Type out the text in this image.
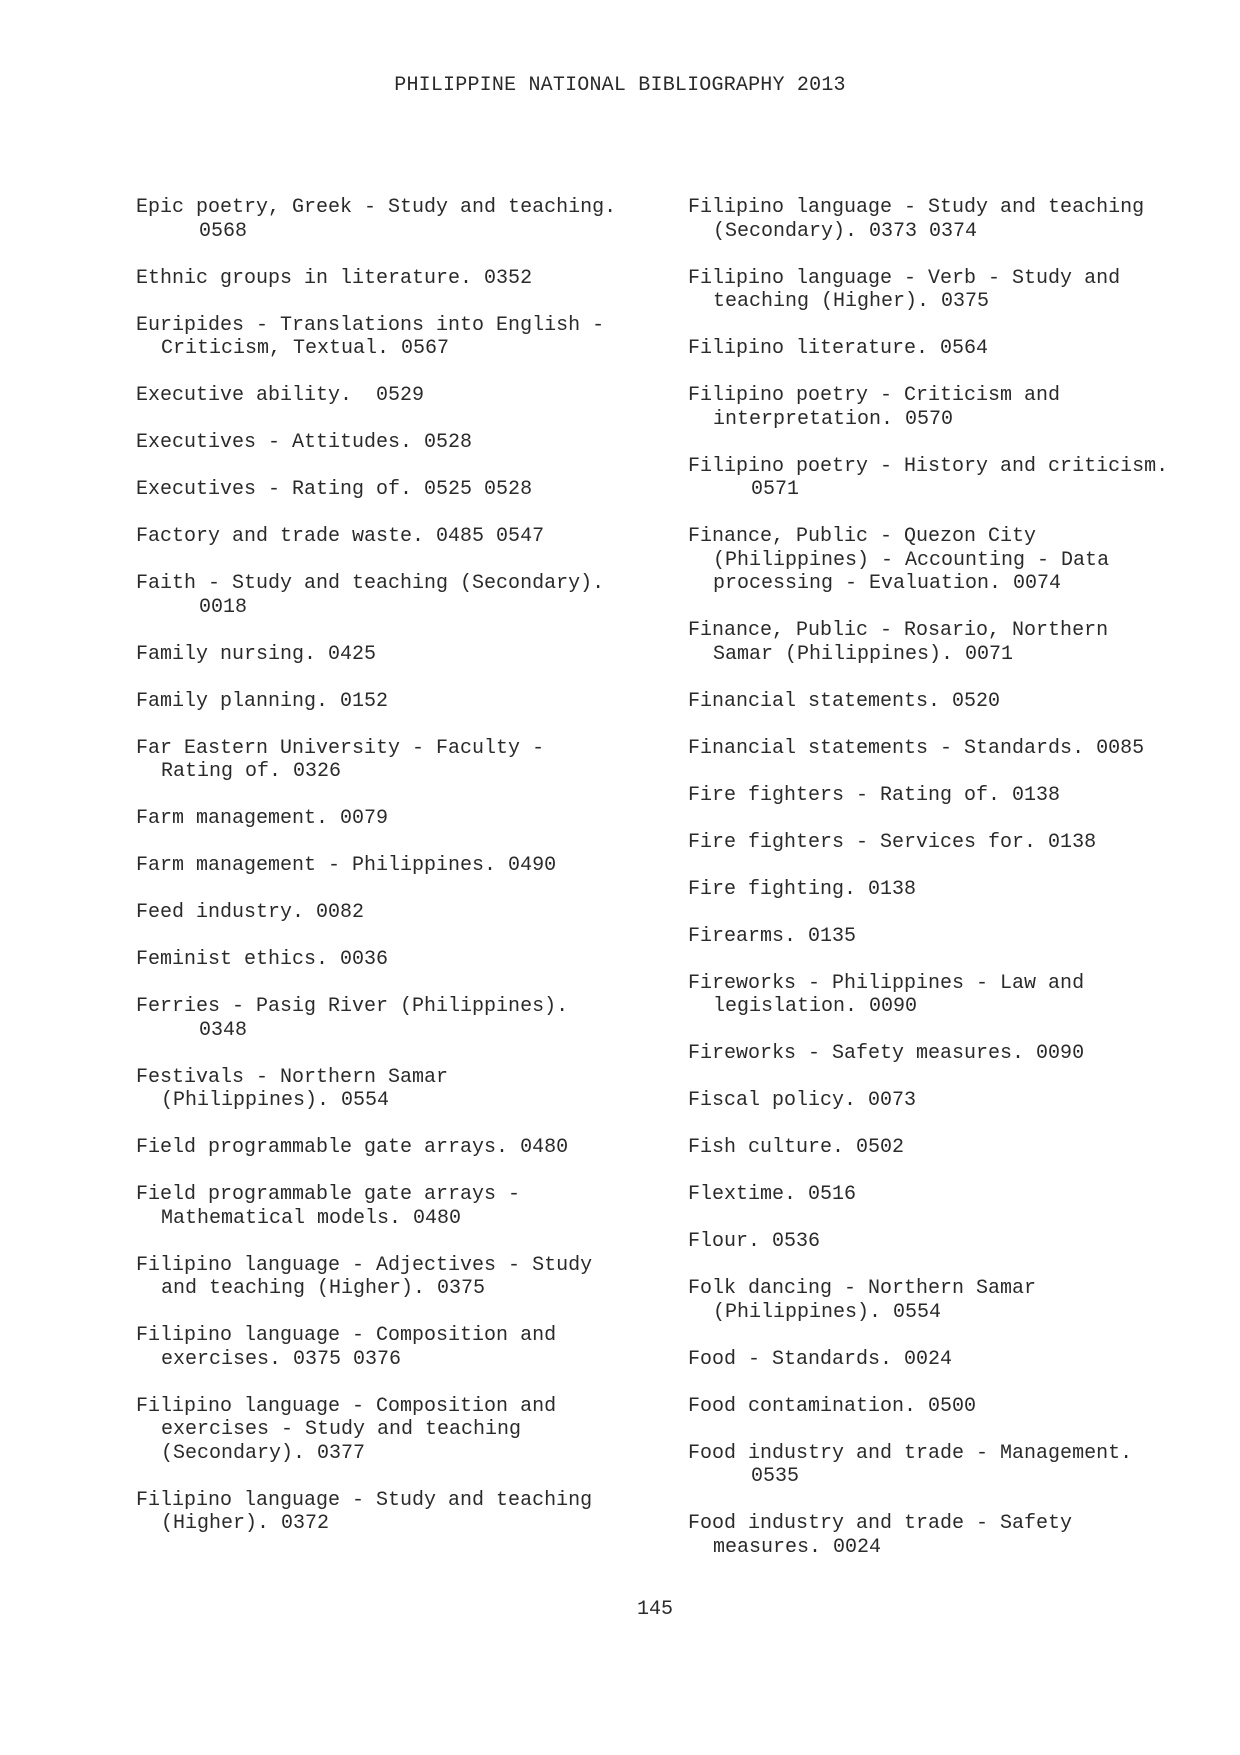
PHILIPPINE NATIONAL BIBLIOGRAPHY 2013
Epic poetry, Greek - Study and teaching.
0568
Ethnic groups in literature. 0352
Euripides - Translations into English -
Criticism, Textual. 0567
Executive ability.  0529
Executives - Attitudes. 0528
Executives - Rating of. 0525 0528
Factory and trade waste. 0485 0547
Faith - Study and teaching (Secondary).
0018
Family nursing. 0425
Family planning. 0152
Far Eastern University - Faculty -
Rating of. 0326
Farm management. 0079
Farm management - Philippines. 0490
Feed industry. 0082
Feminist ethics. 0036
Ferries - Pasig River (Philippines).
0348
Festivals - Northern Samar
(Philippines). 0554
Field programmable gate arrays. 0480
Field programmable gate arrays -
Mathematical models. 0480
Filipino language - Adjectives - Study
and teaching (Higher). 0375
Filipino language - Composition and
exercises. 0375 0376
Filipino language - Composition and
exercises - Study and teaching
(Secondary). 0377
Filipino language - Study and teaching
(Higher). 0372
Filipino language - Study and teaching
(Secondary). 0373 0374
Filipino language - Verb - Study and
teaching (Higher). 0375
Filipino literature. 0564
Filipino poetry - Criticism and
interpretation. 0570
Filipino poetry - History and criticism.
0571
Finance, Public - Quezon City
(Philippines) - Accounting - Data
processing - Evaluation. 0074
Finance, Public - Rosario, Northern
Samar (Philippines). 0071
Financial statements. 0520
Financial statements - Standards. 0085
Fire fighters - Rating of. 0138
Fire fighters - Services for. 0138
Fire fighting. 0138
Firearms. 0135
Fireworks - Philippines - Law and
legislation. 0090
Fireworks - Safety measures. 0090
Fiscal policy. 0073
Fish culture. 0502
Flextime. 0516
Flour. 0536
Folk dancing - Northern Samar
(Philippines). 0554
Food - Standards. 0024
Food contamination. 0500
Food industry and trade - Management.
0535
Food industry and trade - Safety
measures. 0024
145
